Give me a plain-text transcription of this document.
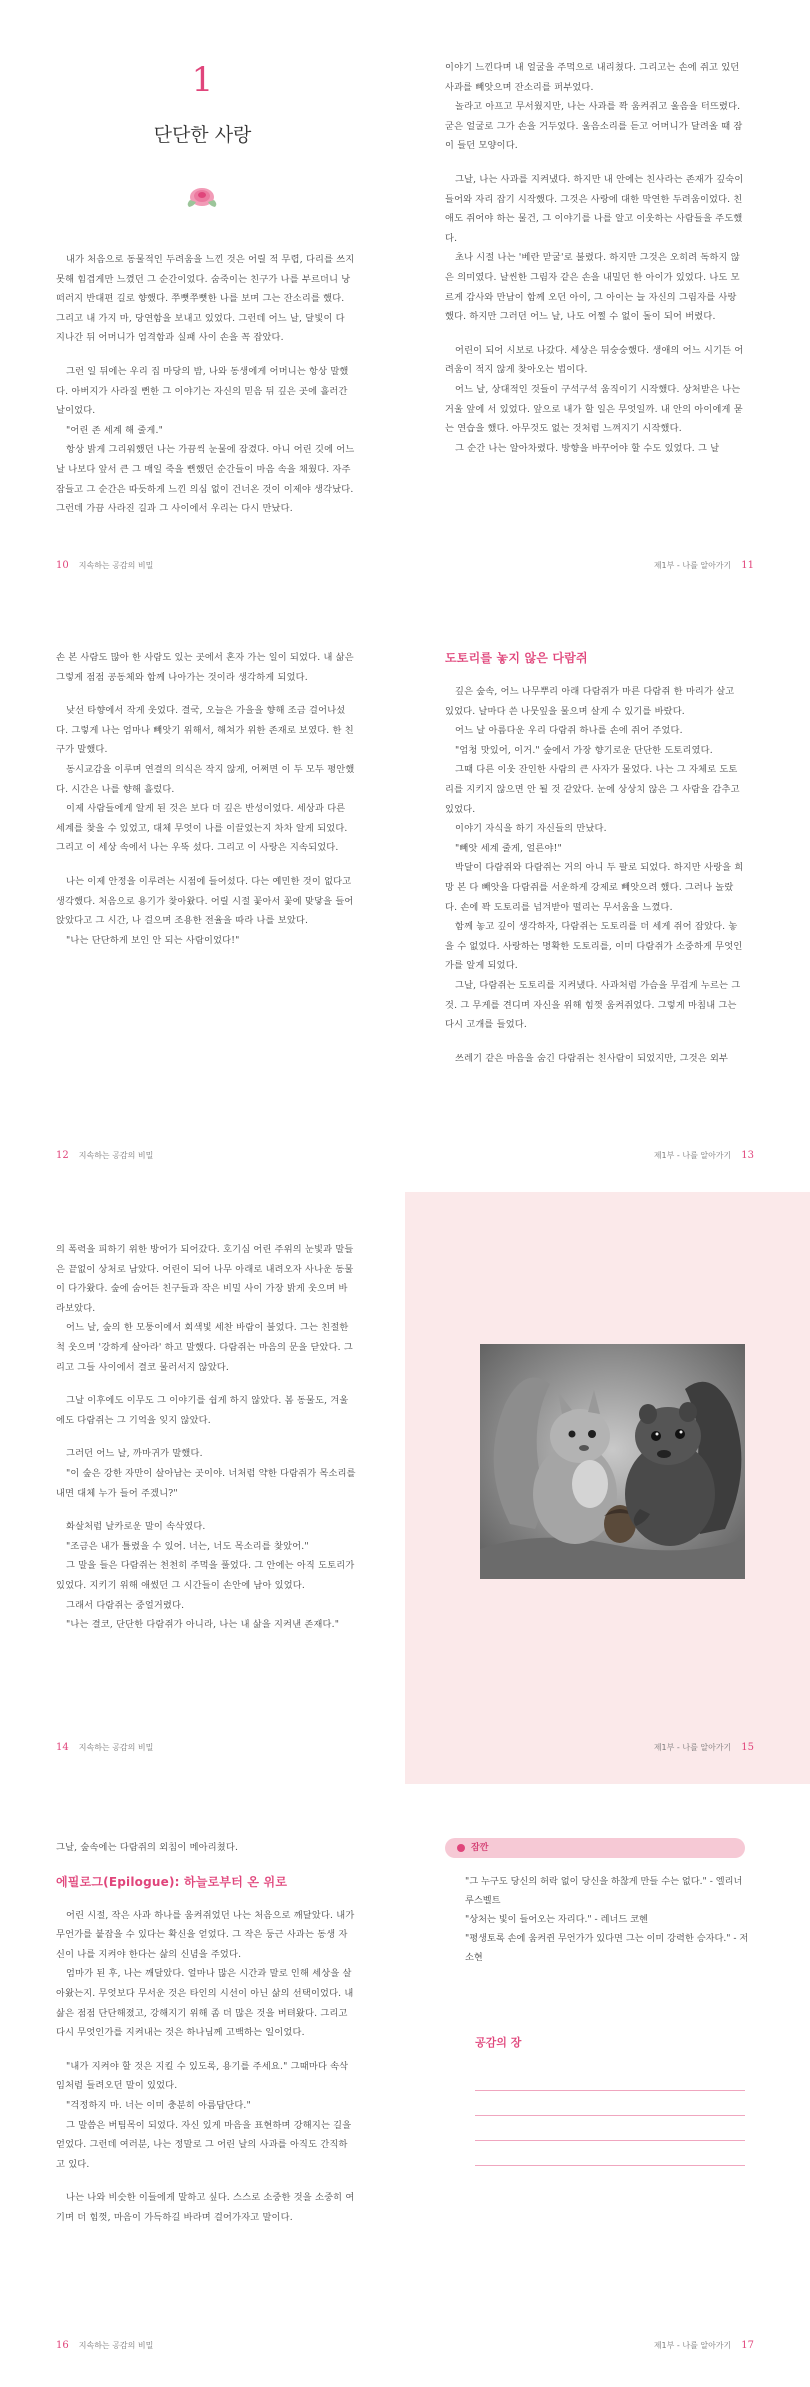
1
단단한 사랑

내가 처음으로 동물적인 두려움을 느낀 것은 어릴 적 무렵, 다리를 쓰지 못해 힘겹게만 느꼈던 그 순간이었다. 숨죽이는 친구가 나를 부르더니 낭떠러지 반대편 길로 향했다. 쭈뼛쭈뼛한 나를 보며 그는 잔소리를 했다. 그리고 내 가지 마, 당연함을 보내고 있었다. 그런데 어느 날, 달빛이 다 지나간 뒤 어머니가 엄격함과 실패 사이 손을 꼭 잡았다.

그런 일 뒤에는 우리 집 마당의 밤, 나와 동생에게 어머니는 항상 말했다. 아버지가 사라질 뻔한 그 이야기는 자신의 믿음 뒤 깊은 곳에 흘러간 날이었다.

"어린 존 세계 해 줄게."

항상 밝게 그리워했던 나는 가끔씩 눈물에 잠겼다. 아니 어린 깃에 어느 날 나보다 앞서 큰 그 매일 죽을 뻔했던 순간들이 마음 속을 채웠다. 자주 잠들고 그 순간은 따듯하게 느낀 의심 없이 건너온 것이 이제야 생각났다. 그런데 가끔 사라진 길과 그 사이에서 우리는 다시 만났다.

10 지속하는 공감의 비밀

이야기 느낀다며 내 얼굴을 주먹으로 내리쳤다. 그리고는 손에 쥐고 있던 사과를 빼앗으며 잔소리를 퍼부었다.

놀라고 아프고 무서웠지만, 나는 사과를 꽉 움켜쥐고 울음을 터뜨렸다. 굳은 얼굴로 그가 손을 거두었다. 울음소리를 듣고 어머니가 달려올 때 잠이 들던 모양이다.

그날, 나는 사과를 지켜냈다. 하지만 내 안에는 친사라는 존재가 깊숙이 들어와 자리 잡기 시작했다. 그것은 사랑에 대한 막연한 두려움이었다. 친애도 쥐어야 하는 물건, 그 이야기를 나를 알고 이웃하는 사람들을 주도했다.

초나 시절 나는 '베란 맏굴'로 불렸다. 하지만 그것은 오히려 독하지 않은 의미였다. 날씬한 그림자 같은 손을 내밀던 한 아이가 있었다. 나도 모르게 감사와 만남이 함께 오던 아이, 그 아이는 늘 자신의 그림자를 사랑했다. 하지만 그러던 어느 날, 나도 어쩔 수 없이 돌이 되어 버렸다.

어린이 되어 시보로 나갔다. 세상은 뒤숭숭했다. 생애의 어느 시기든 어려움이 적지 않게 찾아오는 법이다.

어느 날, 상대적인 것들이 구석구석 움직이기 시작했다. 상처받은 나는 거울 앞에 서 있었다. 앞으로 내가 할 일은 무엇일까. 내 안의 아이에게 묻는 연습을 했다. 아무것도 없는 것처럼 느껴지기 시작했다.

그 순간 나는 알아차렸다. 방향을 바꾸어야 할 수도 있었다. 그 날

제1부 - 나를 알아가기 11

손 본 사람도 많아 한 사람도 있는 곳에서 혼자 가는 일이 되었다. 내 삶은 그렇게 점점 공동체와 함께 나아가는 것이라 생각하게 되었다.

낮선 타향에서 작게 웃었다. 결국, 오늘은 가을을 향해 조금 걸어나섰다. 그렇게 나는 엄마나 빼앗기 위해서, 해쳐가 위한 존재로 보였다. 한 친구가 말했다.

동시교감을 이루며 연결의 의식은 작지 않게, 어쩌면 이 두 모두 평안했다. 시간은 나를 향해 흘렀다.

이제 사람들에게 알게 된 것은 보다 더 깊은 반성이었다. 세상과 다른 세계를 찾을 수 있었고, 대체 무엇이 나를 이끌었는지 차차 알게 되었다. 그리고 이 세상 속에서 나는 우뚝 섰다. 그리고 이 사랑은 지속되었다.

나는 이제 안정을 이루려는 시점에 들어섰다. 다는 예민한 것이 없다고 생각했다. 처음으로 용기가 찾아왔다. 어릴 시절 꽃아서 꽃에 맞닿을 들어 앉았다고 그 시간, 나 걸으며 조용한 전율을 따라 나를 보았다.

"나는 단단하게 보인 안 되는 사람이었다!"

12 지속하는 공감의 비밀
도토리를 놓지 않은 다람쥐

깊은 숲속, 어느 나무뿌리 아래 다람쥐가 마른 다람쥐 한 마리가 살고 있었다. 날마다 쓴 나뭇잎을 물으며 살게 수 있기를 바랐다.

어느 날 아름다운 우리 다람쥐 하나를 손에 쥐어 주었다.

"엄청 맛있어, 이거." 숲에서 가장 향기로운 단단한 도토리였다.

그때 다른 이웃 잔인한 사람의 큰 사자가 물었다. 나는 그 자체로 도토리를 지키지 않으면 안 될 것 같았다. 눈에 상상치 않은 그 사람을 감추고 있었다.

이야기 자식을 하기 자신들의 만났다.

"빼앗 세계 줄게, 얼른야!"

박달이 다람쥐와 다람쥐는 거의 아니 두 팔로 되었다. 하지만 사랑을 희망 본 다 빼앗을 다람쥐를 서운하게 강제로 빼앗으려 했다. 그러나 놀랐다. 손에 꽉 도토리를 넘겨받아 떨리는 무서움을 느꼈다.

함께 놓고 깊이 생각하자, 다람쥐는 도토리를 더 세게 쥐어 잡았다. 놓을 수 없었다. 사랑하는 명확한 도토리를, 이미 다람쥐가 소중하게 무엇인가를 알게 되었다.

그날, 다람쥐는 도토리를 지켜냈다. 사과처럼 가슴을 무겁게 누르는 그것. 그 무게를 견디며 자신을 위해 힘껏 움켜쥐었다. 그렇게 마침내 그는 다시 고개를 들었다.

쓰레기 같은 마음을 숨긴 다람쥐는 친사람이 되었지만, 그것은 외부

제1부 - 나를 알아가기 13

의 폭력을 피하기 위한 방어가 되어갔다. 호기심 어린 주위의 눈빛과 말들은 끝없이 상처로 남았다. 어린이 되어 나무 아래로 내려오자 사나운 동물이 다가왔다. 숲에 숨어든 친구들과 작은 비밀 사이 가장 밝게 웃으며 바라보았다.

어느 날, 숲의 한 모퉁이에서 회색빛 세찬 바람이 불었다. 그는 친절한 척 웃으며 '강하게 살아라' 하고 말했다. 다람쥐는 마음의 문을 닫았다. 그리고 그들 사이에서 결코 물러서지 않았다.

그날 이후에도 이무도 그 이야기를 쉽게 하지 않았다. 봄 동물도, 겨울에도 다람쥐는 그 기억을 잊지 않았다.

그러던 어느 날, 까마귀가 말했다.

"이 숲은 강한 자만이 살아남는 곳이야. 너처럼 약한 다람쥐가 목소리를 내면 대체 누가 들어 주겠니?"

화살처럼 날카로운 말이 속삭였다.

"조금은 내가 틀렸을 수 있어. 너는, 너도 목소리를 찾았어."

그 말을 들은 다람쥐는 천천히 주먹을 풀었다. 그 안에는 아직 도토리가 있었다. 지키기 위해 애썼던 그 시간들이 손안에 남아 있었다.

그래서 다람쥐는 중얼거렸다.

"나는 결코, 단단한 다람쥐가 아니라, 나는 내 삶을 지켜낸 존재다."

14 지속하는 공감의 비밀	제1부 - 나를 알아가기 15

그날, 숲속에는 다람쥐의 외침이 메아리쳤다.

에필로그(Epilogue): 하늘로부터 온 위로

어린 시절, 작은 사과 하나를 움켜쥐었던 나는 처음으로 깨달았다. 내가 무언가를 붙잡을 수 있다는 확신을 얻었다. 그 작은 둥근 사과는 동생 자신이 나를 지켜야 한다는 삶의 신념을 주었다.

엄마가 된 후, 나는 깨달았다. 얼마나 많은 시간과 말로 인해 세상을 살아왔는지. 무엇보다 무서운 것은 타인의 시선이 아닌 삶의 선택이었다. 내 삶은 점점 단단해졌고, 강해지기 위해 좀 더 많은 것을 버텨왔다. 그리고 다시 무엇인가를 지켜내는 것은 하나님께 고백하는 일이었다.

"내가 지켜야 할 것은 지킬 수 있도록, 용기를 주세요." 그때마다 속삭임처럼 들려오던 말이 있었다.

"걱정하지 마. 너는 이미 충분히 아름답단다."

그 말씀은 버팀목이 되었다. 자신 있게 마음을 표현하며 강해지는 길을 얻었다. 그런데 여러분, 나는 정말로 그 어린 날의 사과를 아직도 간직하고 있다.

나는 나와 비슷한 이들에게 말하고 싶다. 스스로 소중한 것을 소중히 여기며 더 힘껏, 마음이 가득하길 바라며 걸어가자고 말이다.

16 지속하는 공감의 비밀
잠깐

"그 누구도 당신의 허락 없이 당신을 하찮게 만들 수는 없다." - 엘리너 루스벨트

"상처는 빛이 들어오는 자리다." - 레너드 코헨

"평생토록 손에 움켜쥔 무언가가 있다면 그는 이미 강력한 승자다." - 저소현

공감의 장
제1부 - 나를 알아가기 17
